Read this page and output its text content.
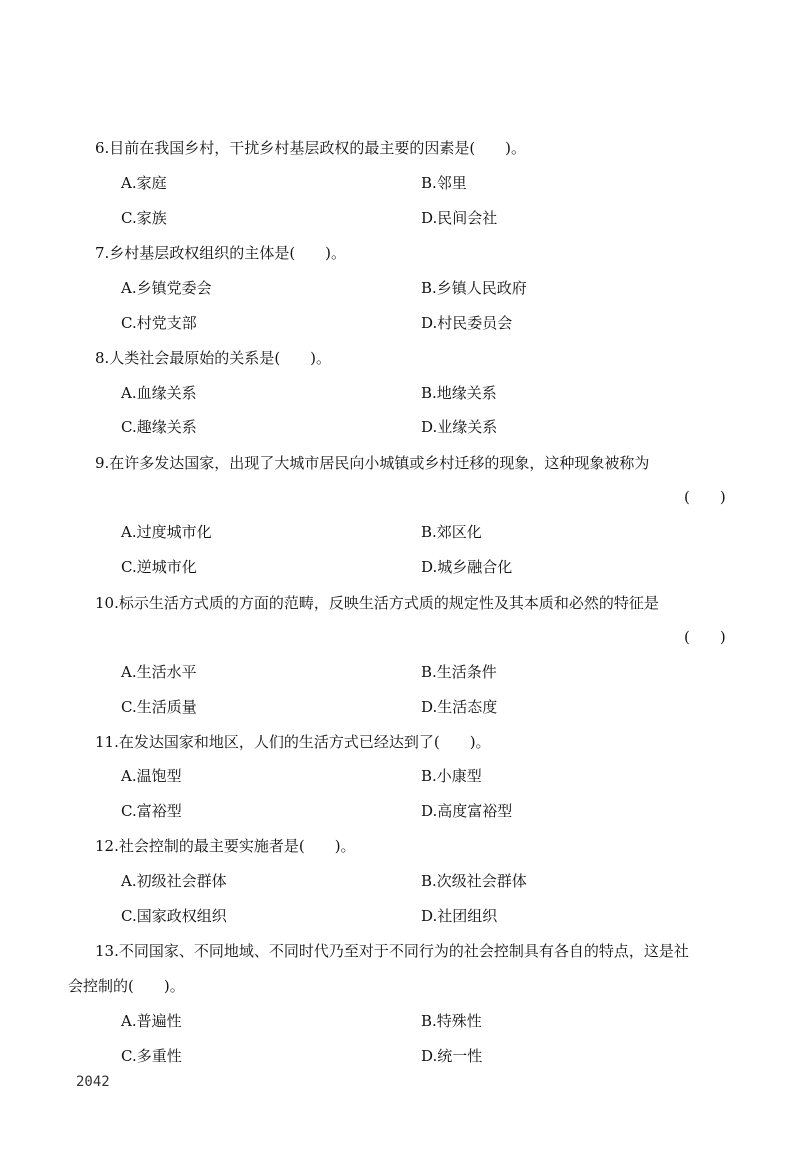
6.目前在我国乡村，干扰乡村基层政权的最主要的因素是(　　)。
A.家庭	B.邻里
C.家族	D.民间会社
7.乡村基层政权组织的主体是(　　)。
A.乡镇党委会	B.乡镇人民政府
C.村党支部	D.村民委员会
8.人类社会最原始的关系是(　　)。
A.血缘关系	B.地缘关系
C.趣缘关系	D.业缘关系
9.在许多发达国家，出现了大城市居民向小城镇或乡村迁移的现象，这种现象被称为
(　　)
A.过度城市化	B.郊区化
C.逆城市化	D.城乡融合化
10.标示生活方式质的方面的范畴，反映生活方式质的规定性及其本质和必然的特征是
(　　)
A.生活水平	B.生活条件
C.生活质量	D.生活态度
11.在发达国家和地区，人们的生活方式已经达到了(　　)。
A.温饱型	B.小康型
C.富裕型	D.高度富裕型
12.社会控制的最主要实施者是(　　)。
A.初级社会群体	B.次级社会群体
C.国家政权组织	D.社团组织
13.不同国家、不同地域、不同时代乃至对于不同行为的社会控制具有各自的特点，这是社
会控制的(　　)。
A.普遍性	B.特殊性
C.多重性	D.统一性
2042
